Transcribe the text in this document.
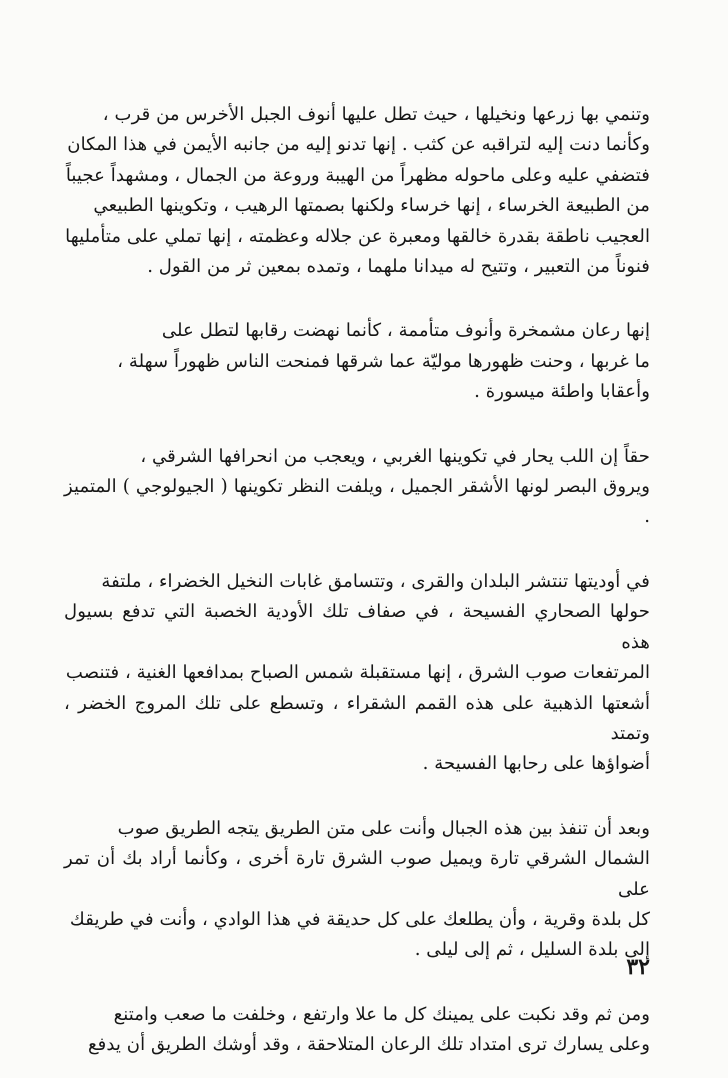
وتنمي بها زرعها ونخيلها ، حيث تطل عليها أنوف الجبل الأخرس من قرب ،
وكأنما دنت إليه لتراقبه عن كثب . إنها تدنو إليه من جانبه الأيمن في هذا المكان
فتضفي عليه وعلى ماحوله مظهراً من الهيبة وروعة من الجمال ، ومشهداً عجيباً
من الطبيعة الخرساء ، إنها خرساء ولكنها بصمتها الرهيب ، وتكوينها الطبيعي
العجيب ناطقة بقدرة خالقها ومعبرة عن جلاله وعظمته ، إنها تملي على متأمليها
فنوناً من التعبير ، وتتيح له ميدانا ملهما ، وتمده بمعين ثر من القول .

إنها رعان مشمخرة وأنوف متأممة ، كأنما نهضت رقابها لتطل على
ما غربها ، وحنت ظهورها موليّة عما شرقها فمنحت الناس ظهوراً سهلة ،
وأعقابا واطئة ميسورة .

حقاً إن اللب يحار في تكوينها الغربي ، ويعجب من انحرافها الشرقي ،
ويروق البصر لونها الأشقر الجميل ، ويلفت النظر تكوينها ( الجيولوجي ) المتميز .

في أوديتها تنتشر البلدان والقرى ، وتتسامق غابات النخيل الخضراء ، ملتفة
حولها الصحاري الفسيحة ، في صفاف تلك الأودية الخصبة التي تدفع بسيول هذه
المرتفعات صوب الشرق ، إنها مستقبلة شمس الصباح بمدافعها الغنية ، فتنصب
أشعتها الذهبية على هذه القمم الشقراء ، وتسطع على تلك المروج الخضر ، وتمتد
أضواؤها على رحابها الفسيحة .

وبعد أن تنفذ بين هذه الجبال وأنت على متن الطريق يتجه الطريق صوب
الشمال الشرقي تارة ويميل صوب الشرق تارة أخرى ، وكأنما أراد بك أن تمر على
كل بلدة وقرية ، وأن يطلعك على كل حديقة في هذا الوادي ، وأنت في طريقك
إلى بلدة السليل ، ثم إلى ليلى .

ومن ثم وقد نكبت على يمينك كل ما علا وارتفع ، وخلفت ما صعب وامتنع
وعلى يسارك ترى امتداد تلك الرعان المتلاحقة ، وقد أوشك الطريق أن يدفع

٣٢
